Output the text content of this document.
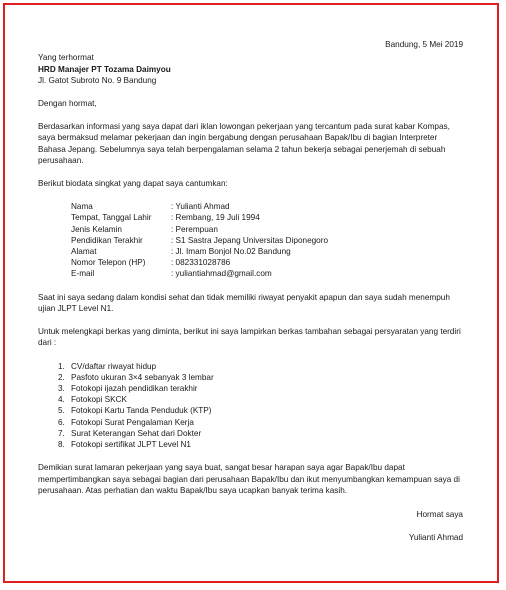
Bandung, 5 Mei 2019

Yang terhormat

HRD Manajer PT Tozama Daimyou

Jl. Gatot Subroto No. 9 Bandung

Dengan hormat,

Berdasarkan informasi yang saya dapat dari iklan lowongan pekerjaan yang tercantum pada surat kabar Kompas, saya bermaksud melamar pekerjaan dan ingin bergabung dengan perusahaan Bapak/Ibu di bagian Interpreter Bahasa Jepang. Sebelumnya saya telah berpengalaman selama 2 tahun bekerja sebagai penerjemah di sebuah perusahaan.

Berikut biodata singkat yang dapat saya cantumkan:

Nama	: Yulianti Ahmad
Tempat, Tanggal Lahir	: Rembang, 19 Juli 1994
Jenis Kelamin	: Perempuan
Pendidikan Terakhir	: S1 Sastra Jepang Universitas Diponegoro
Alamat	: Jl. Imam Bonjol No.02 Bandung
Nomor Telepon (HP)	: 082331028786
E-mail	: yuliantiahmad@gmail.com

Saat ini saya sedang dalam kondisi sehat dan tidak memiliki riwayat penyakit apapun dan saya sudah menempuh ujian JLPT Level N1.

Untuk melengkapi berkas yang diminta, berikut ini saya lampirkan berkas tambahan sebagai persyaratan yang terdiri dari :

1. CV/daftar riwayat hidup
2. Pasfoto ukuran 3×4 sebanyak 3 lembar
3. Fotokopi ijazah pendidikan terakhir
4. Fotokopi SKCK
5. Fotokopi Kartu Tanda Penduduk (KTP)
6. Fotokopi Surat Pengalaman Kerja
7. Surat Keterangan Sehat dari Dokter
8. Fotokopi sertifikat JLPT Level N1

Demikian surat lamaran pekerjaan yang saya buat, sangat besar harapan saya agar Bapak/Ibu dapat mempertimbangkan saya sebagai bagian dari perusahaan Bapak/Ibu dan ikut menyumbangkan kemampuan saya di perusahaan. Atas perhatian dan waktu Bapak/Ibu saya ucapkan banyak terima kasih.

Hormat saya

Yulianti Ahmad
